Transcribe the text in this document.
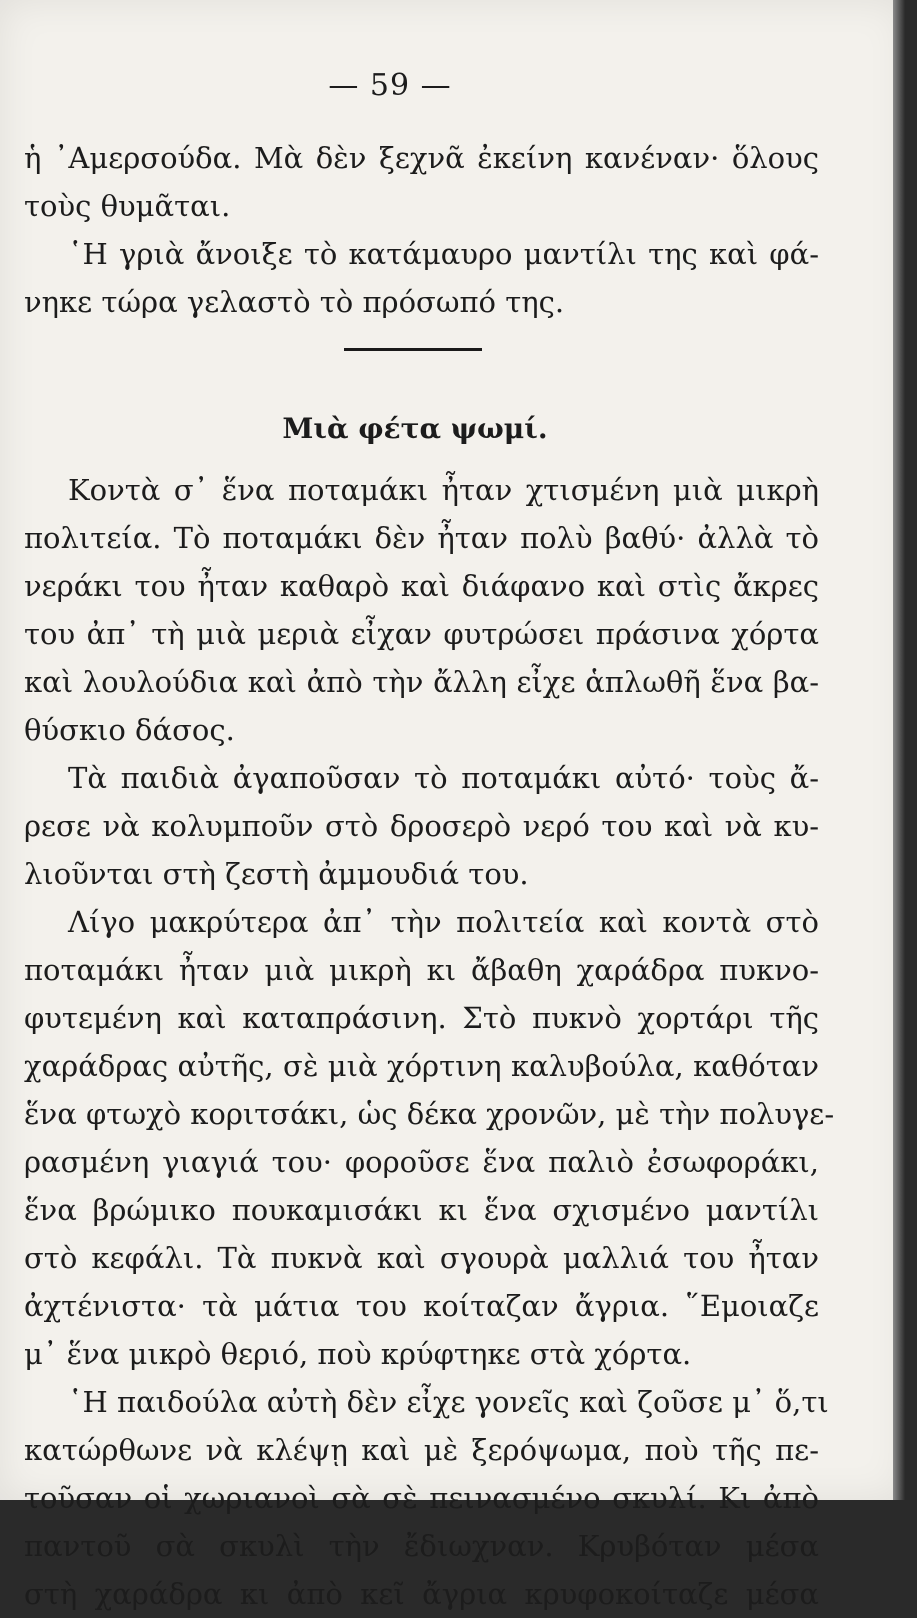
— 59 —
ἡ ᾿Αμερσούδα. Μὰ δὲν ξεχνᾶ ἐκείνη κανέναν· ὅλους
τοὺς θυμᾶται.
῾Η γριὰ ἄνοιξε τὸ κατάμαυρο μαντίλι της καὶ φά-
νηκε τώρα γελαστὸ τὸ πρόσωπό της.
Μιὰ φέτα ψωμί.
Κοντὰ σ᾿ ἕνα ποταμάκι ἦταν χτισμένη μιὰ μικρὴ
πολιτεία. Τὸ ποταμάκι δὲν ἦταν πολὺ βαθύ· ἀλλὰ τὸ
νεράκι του ἦταν καθαρὸ καὶ διάφανο καὶ στὶς ἄκρες
του ἀπ᾿ τὴ μιὰ μεριὰ εἶχαν φυτρώσει πράσινα χόρτα
καὶ λουλούδια καὶ ἀπὸ τὴν ἄλλη εἶχε ἁπλωθῆ ἕνα βα-
θύσκιο δάσος.
Τὰ παιδιὰ ἀγαποῦσαν τὸ ποταμάκι αὐτό· τοὺς ἄ-
ρεσε νὰ κολυμποῦν στὸ δροσερὸ νερό του καὶ νὰ κυ-
λιοῦνται στὴ ζεστὴ ἀμμουδιά του.
Λίγο μακρύτερα ἀπ᾿ τὴν πολιτεία καὶ κοντὰ στὸ
ποταμάκι ἦταν μιὰ μικρὴ κι ἄβαθη χαράδρα πυκνο-
φυτεμένη καὶ καταπράσινη. Στὸ πυκνὸ χορτάρι τῆς
χαράδρας αὐτῆς, σὲ μιὰ χόρτινη καλυβούλα, καθόταν
ἕνα φτωχὸ κοριτσάκι, ὡς δέκα χρονῶν, μὲ τὴν πολυγε-
ρασμένη γιαγιά του· φοροῦσε ἕνα παλιὸ ἐσωφοράκι,
ἕνα βρώμικο πουκαμισάκι κι ἕνα σχισμένο μαντίλι
στὸ κεφάλι. Τὰ πυκνὰ καὶ σγουρὰ μαλλιά του ἦταν
ἀχτένιστα· τὰ μάτια του κοίταζαν ἄγρια. ῞Εμοιαζε
μ᾿ ἕνα μικρὸ θεριό, ποὺ κρύφτηκε στὰ χόρτα.
῾Η παιδούλα αὐτὴ δὲν εἶχε γονεῖς καὶ ζοῦσε μ᾿ ὅ,τι
κατώρθωνε νὰ κλέψῃ καὶ μὲ ξερόψωμα, ποὺ τῆς πε-
τοῦσαν οἱ χωριανοὶ σὰ σὲ πεινασμένο σκυλί. Κι ἀπὸ
παντοῦ σὰ σκυλὶ τὴν ἔδιωχναν. Κρυβόταν μέσα
στὴ χαράδρα κι ἀπὸ κεῖ ἄγρια κρυφοκοίταζε μέσα
